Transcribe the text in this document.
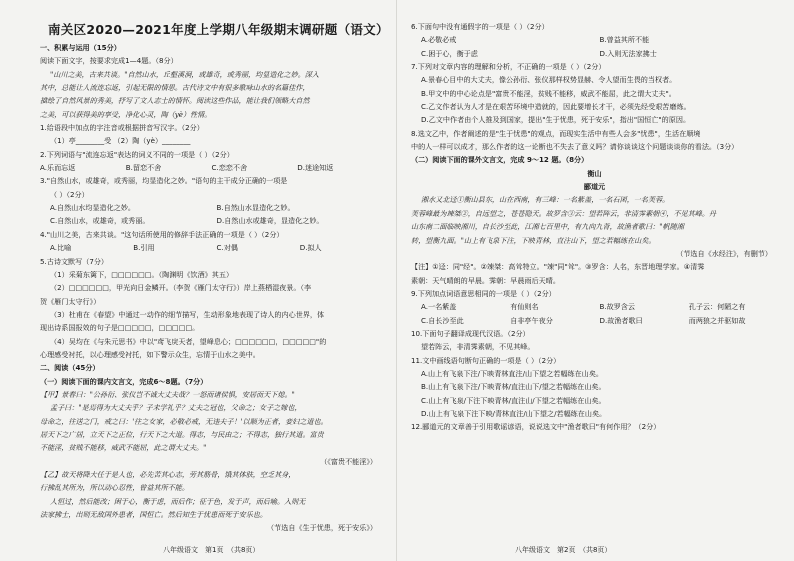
南关区2020—2021年度上学期八年级期末调研题（语文）
一、积累与运用（15分）
阅读下面文字，按要求完成1—4题。（8分）
"山川之美，古来共谈。"自然山水，丘壑溪涧，或雄奇，或秀丽，均显造化之妙。深入
其中，总能让人流连忘返，引起无限的情思。古代诗文中有很多歌咏山水的名篇佳作，
描绘了自然风景的秀美，抒写了文人志士的情怀。阅读这些作品，能让我们领略大自然
之美，可以获得美的享受，净化心灵，陶（yè）性情。
1.给语段中加点的字注音或根据拼音写汉字。（2分）
（1）亭________受 （2）陶（yè）________
2.下列词语与"流连忘返"表达的词义不同的一项是（ ）（2分）
A.乐而忘返	B.留恋不舍	C.恋恋不舍	D.迷途知返
3."自然山水，或雄奇，或秀丽，均显造化之妙。"语句的主干成分正确的一项是
（ ）（2分）
A.自然山水均显造化之妙。	B.自然山水显造化之妙。
C.自然山水，或雄奇，或秀丽。	D.自然山水或雄奇，显造化之妙。
4."山川之美，古来共谈。"这句话所使用的修辞手法正确的一项是（ ）（2分）
A.比喻	B.引用	C.对偶	D.拟人
5.古诗文默写（7分）
（1）采菊东篱下，□□□□□□。（陶渊明《饮酒》其五）
（2）□□□□□□，甲光向日金鳞开。（李贺《雁门太守行》）岸上燕栖湿夜景。（李
贺《雁门太守行》）
（3）杜甫在《春望》中通过一动作的细节描写，生动形象地表现了诗人的内心世界，体
现出诗系国报效的句子是□□□□□，□□□□□。
（4）吴均在《与朱元思书》中以"鸢飞戾天者，望峰息心；□□□□□□，□□□□□"的
心理感受衬托，以心理感受衬托，如下警示众生，忘情于山水之美中。
二、阅读（45分）
（一）阅读下面的课内文言文，完成6～8题。（7分）
【甲】景春曰："公孙衍、张仪岂不诚大丈夫哉？一怒而诸侯惧，安居而天下熄。"
孟子曰："是焉得为大丈夫乎？子未学礼乎？丈夫之冠也，父命之；女子之嫁也，
母命之，往送之门，戒之曰：'往之女家，必敬必戒，无违夫子！'以顺为正者，妾妇之道也。
居天下之广居，立天下之正位，行天下之大道。得志，与民由之；不得志，独行其道。富贵
不能淫，贫贱不能移，威武不能屈，此之谓大丈夫。"
（《富贵不能淫》）
【乙】故天将降大任于是人也，必先苦其心志，劳其筋骨，饿其体肤，空乏其身，
行拂乱其所为，所以动心忍性，曾益其所不能。
人恒过，然后能改；困于心，衡于虑，而后作；征于色，发于声，而后喻。入则无
法家拂士，出则无敌国外患者，国恒亡。然后知生于忧患而死于安乐也。
（节选自《生于忧患，死于安乐》）
八年级语文　第1页　（共8页）
6.下面句中没有通假字的一项是（ ）（2分）
A.必敬必戒	B.曾益其所不能
C.困于心，衡于虑	D.入则无法家拂士
7.下列对文章内容的理解和分析，不正确的一项是（ ）（2分）
A.景春心目中的大丈夫，像公孙衍、张仪那样权势显赫、令人望而生畏的当权者。
B.甲文中的中心论点是"富贵不能淫，贫贱不能移，威武不能屈，此之谓大丈夫"。
C.乙文作者认为人才是在艰苦环境中造就的，因此要增长才干，必须先经受艰苦磨炼。
D.乙文中作者由个人推及到国家，提出"生于忧患，死于安乐"，指出"国恒亡"的原因。
8.选文乙中，作者阐述的是"生于忧患"的观点，而现实生活中有些人会多"忧患"，生活在顺境
中的人一样可以成才，那么作者的这一论断也不失去了意义吗？请你谈谈这个问题谈谈你的看法。（3分）
（二）阅读下面的课外文言文，完成 9～12 题。（8分）
衡山
郦道元
湘水又北迳①衡山县东，山在西南，有三峰：一名紫盖，一名石囷，一名芙蓉。
芙蓉峰最为竦桀②，自远望之，苍苍隐天。故罗含③云：望若阵云，非清霁素朝④，不见其峰。丹
山东南二面临映湘川，自长沙至此，江湘七百里中，有九向九背，故渔者歌曰："帆随湘
转，望衡九面。"山上有飞泉下注，下映青林，直注山下，望之若幅练在山矣。
（节选自《水经注》，有删节）
【注】①迳：同"经"。②竦桀：高耸特立。"竦"同"耸"。③罗含：人名，东晋地理学家。④清霁
素朝：天气晴朗的早晨。霁朝：早晨雨后天晴。
9.下列加点词语意思相同的一项是（ ）（2分）
A.一名紫盖	有仙则名	B.故罗含云	孔子云：何陋之有
C.自长沙至此	自非亭午夜分	D.故渔者歌曰	而两狼之并驱如故
10.下面句子翻译成现代汉语。（2分）
望若阵云，非清霁素朝，不见其峰。
11.文中画线语句断句正确的一项是（ ）（2分）
A.山上有飞泉下注/下映青林直注/山下望之若幅练在山矣。
B.山上有飞泉下注/下映青林/直注山下/望之若幅练在山矣。
C.山上有飞泉/下注下映青林/直注山/下望之若幅练在山矣。
D.山上有飞泉下注下映/青林直注/山下望之/若幅练在山矣。
12.郦道元的文章善于引用歌谣谚语，说说选文中"渔者歌曰"有何作用？（2分）
八年级语文　第2页　（共8页）
